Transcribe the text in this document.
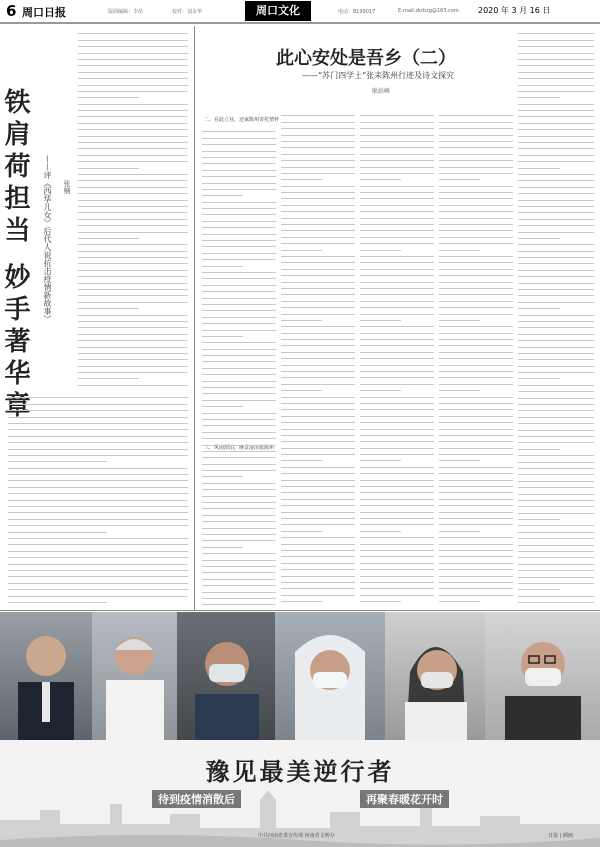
6 周口日报	版面编辑：李昂	校对：刘永华	周口文化	电话：8199017	E-mail:zkrbzg@163.com 2020 年 3 月 16 日
铁肩荷担当 妙手著华章	——评《西华儿女》后代人说抗击疫情新故事》 张楠
此心安处是吾乡（二）
——“苏门四学士”张耒陈州行迹及诗文探究
耿站峰
二、在此立业，还家陈州寄托情怀
三、风雨漂泊，晚景凄凉依陈州
豫见最美逆行者
待到疫情消散后	再聚春暖花开时
中共河南省委宣传部 河南省文明办	日报 | 插画
